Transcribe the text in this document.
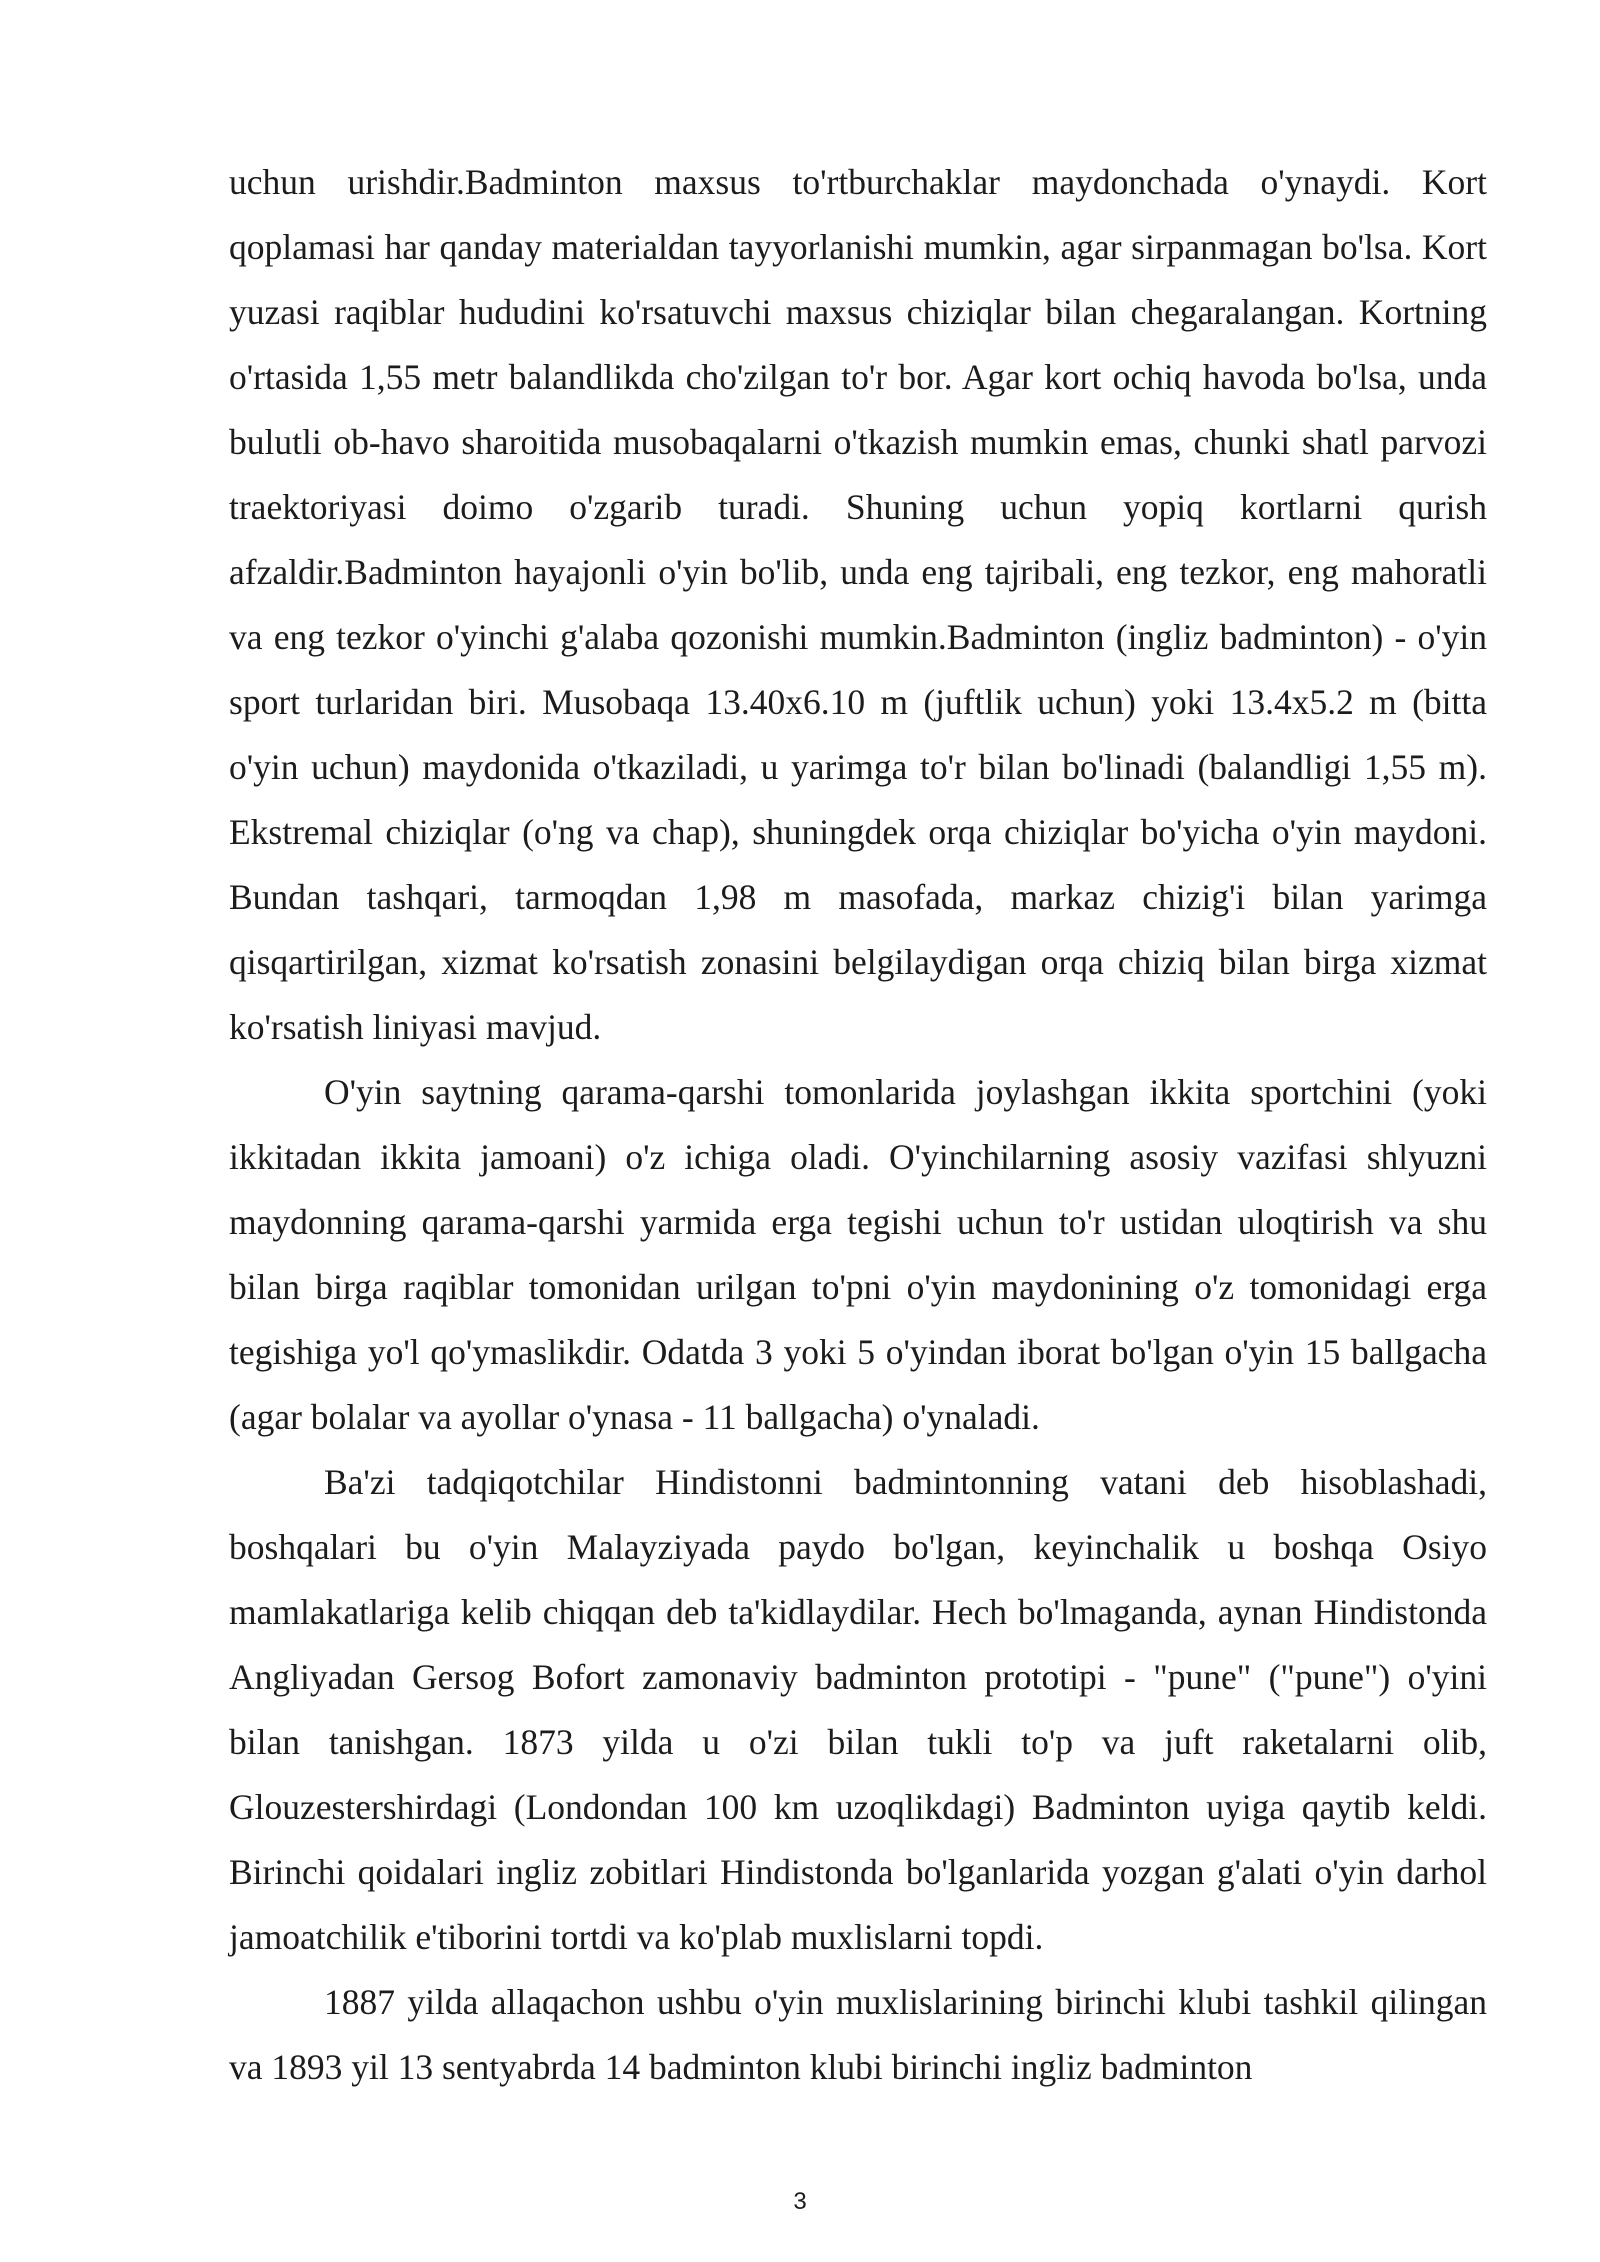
uchun urishdir.Badminton maxsus to'rtburchaklar maydonchada o'ynaydi. Kort qoplamasi har qanday materialdan tayyorlanishi mumkin, agar sirpanmagan bo'lsa. Kort yuzasi raqiblar hududini ko'rsatuvchi maxsus chiziqlar bilan chegaralangan. Kortning o'rtasida 1,55 metr balandlikda cho'zilgan to'r bor. Agar kort ochiq havoda bo'lsa, unda bulutli ob-havo sharoitida musobaqalarni o'tkazish mumkin emas, chunki shatl parvozi traektoriyasi doimo o'zgarib turadi. Shuning uchun yopiq kortlarni qurish afzaldir.Badminton hayajonli o'yin bo'lib, unda eng tajribali, eng tezkor, eng mahoratli va eng tezkor o'yinchi g'alaba qozonishi mumkin.Badminton (ingliz badminton) - o'yin sport turlaridan biri. Musobaqa 13.40x6.10 m (juftlik uchun) yoki 13.4x5.2 m (bitta o'yin uchun) maydonida o'tkaziladi, u yarimga to'r bilan bo'linadi (balandligi 1,55 m). Ekstremal chiziqlar (o'ng va chap), shuningdek orqa chiziqlar bo'yicha o'yin maydoni. Bundan tashqari, tarmoqdan 1,98 m masofada, markaz chizig'i bilan yarimga qisqartirilgan, xizmat ko'rsatish zonasini belgilaydigan orqa chiziq bilan birga xizmat ko'rsatish liniyasi mavjud.

O'yin saytning qarama-qarshi tomonlarida joylashgan ikkita sportchini (yoki ikkitadan ikkita jamoani) o'z ichiga oladi. O'yinchilarning asosiy vazifasi shlyuzni maydonning qarama-qarshi yarmida erga tegishi uchun to'r ustidan uloqtirish va shu bilan birga raqiblar tomonidan urilgan to'pni o'yin maydonining o'z tomonidagi erga tegishiga yo'l qo'ymaslikdir. Odatda 3 yoki 5 o'yindan iborat bo'lgan o'yin 15 ballgacha (agar bolalar va ayollar o'ynasa - 11 ballgacha) o'ynaladi.

Ba'zi tadqiqotchilar Hindistonni badmintonning vatani deb hisoblashadi, boshqalari bu o'yin Malayziyada paydo bo'lgan, keyinchalik u boshqa Osiyo mamlakatlariga kelib chiqqan deb ta'kidlaydilar. Hech bo'lmaganda, aynan Hindistonda Angliyadan Gersog Bofort zamonaviy badminton prototipi - "pune" ("pune") o'yini bilan tanishgan. 1873 yilda u o'zi bilan tukli to'p va juft raketalarni olib, Glouzestershirdagi (Londondan 100 km uzoqlikdagi) Badminton uyiga qaytib keldi. Birinchi qoidalari ingliz zobitlari Hindistonda bo'lganlarida yozgan g'alati o'yin darhol jamoatchilik e'tiborini tortdi va ko'plab muxlislarni topdi.

1887 yilda allaqachon ushbu o'yin muxlislarining birinchi klubi tashkil qilingan va 1893 yil 13 sentyabrda 14 badminton klubi birinchi ingliz badminton

3
